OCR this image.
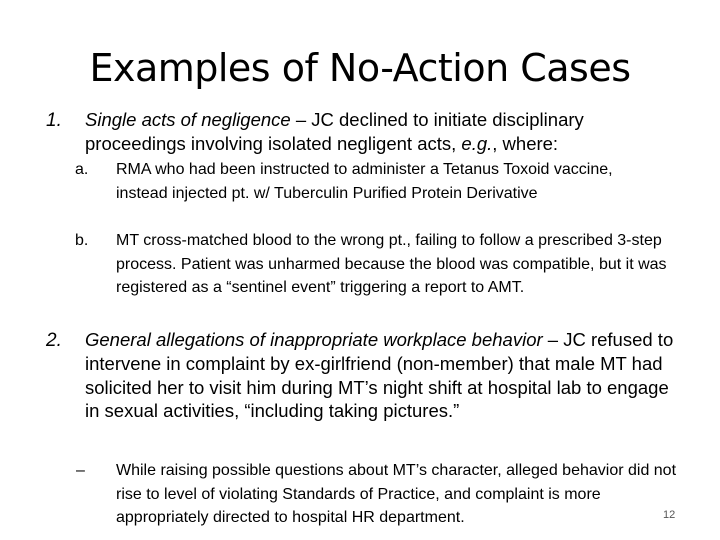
Examples of No-Action Cases
1. Single acts of negligence – JC declined to initiate disciplinary proceedings involving isolated negligent acts, e.g., where:
a. RMA who had been instructed to administer a Tetanus Toxoid vaccine, instead injected pt. w/ Tuberculin Purified Protein Derivative
b. MT cross-matched blood to the wrong pt., failing to follow a prescribed 3-step process. Patient was unharmed because the blood was compatible, but it was registered as a “sentinel event” triggering a report to AMT.
2. General allegations of inappropriate workplace behavior – JC refused to intervene in complaint by ex-girlfriend (non-member) that male MT had solicited her to visit him during MT’s night shift at hospital lab to engage in sexual activities, “including taking pictures.”
– While raising possible questions about MT’s character, alleged behavior did not rise to level of violating Standards of Practice, and complaint is more appropriately directed to hospital HR department.	12
